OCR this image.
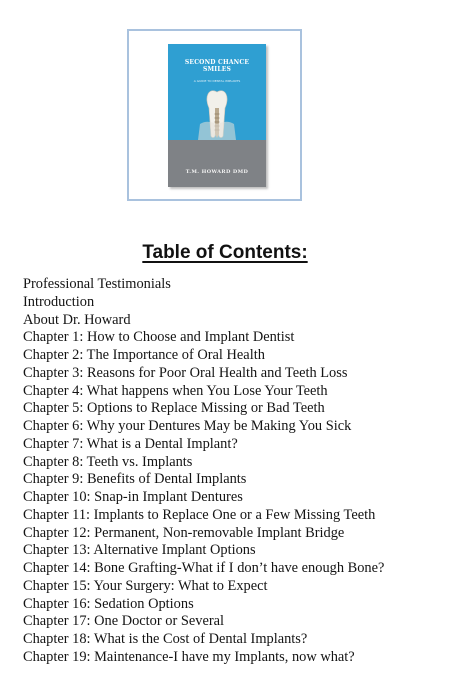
SECOND CHANCE
SMILES
A GUIDE TO DENTAL IMPLANTS
T.M. HOWARD DMD
Table of Contents:
Professional Testimonials
Introduction
About Dr. Howard
Chapter 1: How to Choose and Implant Dentist
Chapter 2: The Importance of Oral Health
Chapter 3: Reasons for Poor Oral Health and Teeth Loss
Chapter 4: What happens when You Lose Your Teeth
Chapter 5: Options to Replace Missing or Bad Teeth
Chapter 6: Why your Dentures May be Making You Sick
Chapter 7: What is a Dental Implant?
Chapter 8: Teeth vs. Implants
Chapter 9: Benefits of Dental Implants
Chapter 10: Snap-in Implant Dentures
Chapter 11: Implants to Replace One or a Few Missing Teeth
Chapter 12: Permanent, Non-removable Implant Bridge
Chapter 13: Alternative Implant Options
Chapter 14: Bone Grafting-What if I don’t have enough Bone?
Chapter 15: Your Surgery: What to Expect
Chapter 16: Sedation Options
Chapter 17: One Doctor or Several
Chapter 18: What is the Cost of Dental Implants?
Chapter 19: Maintenance-I have my Implants, now what?
